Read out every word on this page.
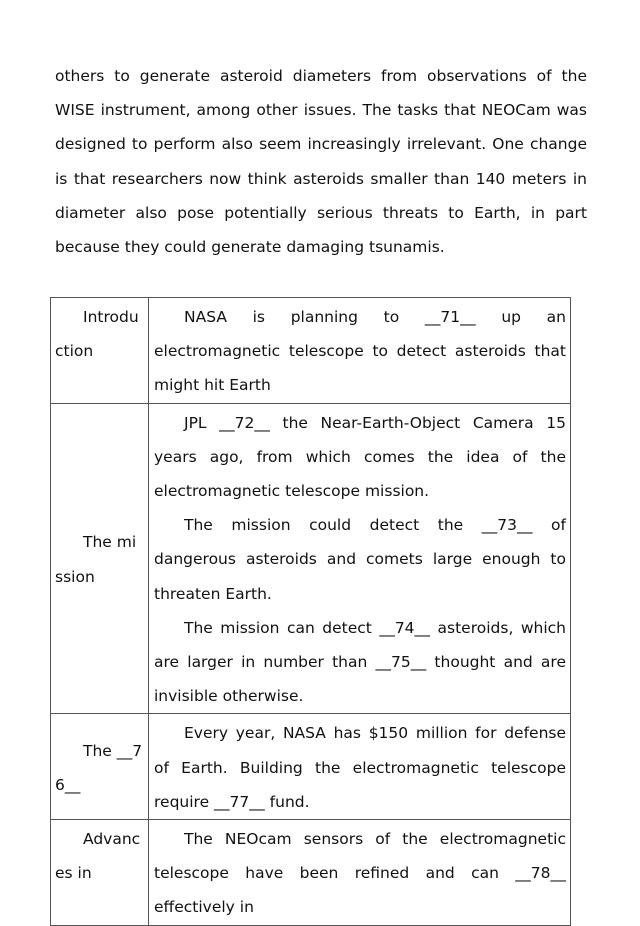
others to generate asteroid diameters from observations of the WISE instrument, among other issues. The tasks that NEOCam was designed to perform also seem increasingly irrelevant. One change is that researchers now think asteroids smaller than 140 meters in diameter also pose potentially serious threats to Earth, in part because they could generate damaging tsunamis.

Introduction	NASA is planning to __71__ up an electromagnetic telescope to detect asteroids that might hit Earth

The mission	JPL __72__ the Near-Earth-Object Camera 15 years ago, from which comes the idea of the electromagnetic telescope mission.

The mission could detect the __73__ of dangerous asteroids and comets large enough to threaten Earth.

The mission can detect __74__ asteroids, which are larger in number than __75__ thought and are invisible otherwise.

The __76__	Every year, NASA has $150 million for defense of Earth. Building the electromagnetic telescope require __77__ fund.

Advances in	The NEOcam sensors of the electromagnetic telescope have been refined and can __78__ effectively in
